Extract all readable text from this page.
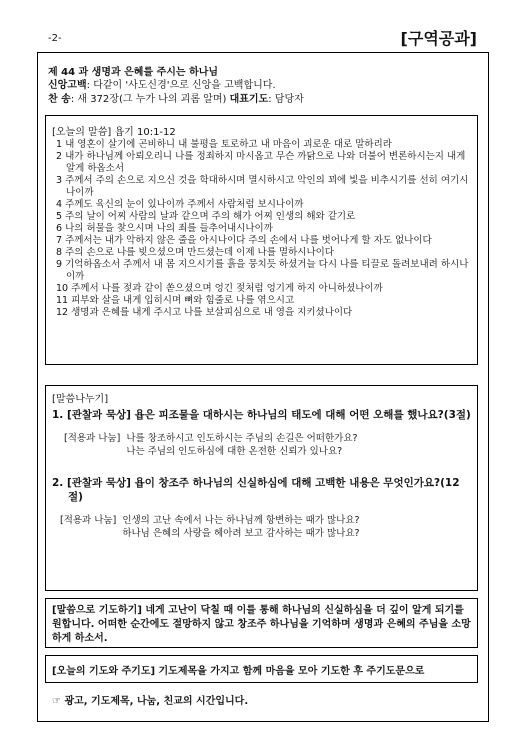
-2-	[구역공과]
제 44 과 생명과 은혜를 주시는 하나님
신앙고백: 다같이 '사도신경'으로 신앙을 고백합니다.
찬 송: 새 372장(그 누가 나의 괴롬 알며) 대표기도: 담당자
[오늘의 말씀] 욥기 10:1-12
1 내 영혼이 살기에 곤비하니 내 불평을 토로하고 내 마음이 괴로운 대로 말하리라
2 내가 하나님께 아뢰오리니 나를 정죄하지 마시옵고 무슨 까닭으로 나와 더불어 변론하시는지 내게 알게 하옵소서
3 주께서 주의 손으로 지으신 것을 학대하시며 멸시하시고 악인의 꾀에 빛을 비추시기를 선히 여기시나이까
4 주께도 육신의 눈이 있나이까 주께서 사람처럼 보시나이까
5 주의 날이 어찌 사람의 날과 같으며 주의 해가 어찌 인생의 해와 같기로
6 나의 허물을 찾으시며 나의 죄를 들추어내시나이까
7 주께서는 내가 악하지 않은 줄을 아시나이다 주의 손에서 나를 벗어나게 할 자도 없나이다
8 주의 손으로 나를 빚으셨으며 만드셨는데 이제 나를 멸하시나이다
9 기억하옵소서 주께서 내 몸 지으시기를 흙을 뭉치듯 하셨거늘 다시 나를 티끌로 돌려보내려 하시나이까
10 주께서 나를 젖과 같이 쏟으셨으며 엉긴 젖처럼 엉기게 하지 아니하셨나이까
11 피부와 살을 내게 입히시며 뼈와 힘줄로 나를 엮으시고
12 생명과 은혜를 내게 주시고 나를 보살피심으로 내 영을 지키셨나이다
[말씀나누기]
1. [관찰과 묵상] 욥은 피조물을 대하시는 하나님의 태도에 대해 어떤 오해를 했나요?(3절)
[적용과 나눔] 나를 창조하시고 인도하시는 주님의 손길은 어떠한가요?
나는 주님의 인도하심에 대한 온전한 신뢰가 있나요?
2. [관찰과 묵상] 욥이 창조주 하나님의 신실하심에 대해 고백한 내용은 무엇인가요?(12절)
[적용과 나눔] 인생의 고난 속에서 나는 하나님께 항변하는 때가 많나요?
하나님 은혜의 사랑을 헤아려 보고 감사하는 때가 많나요?
[말씀으로 기도하기] 네게 고난이 닥칠 때 이를 통해 하나님의 신실하심을 더 깊이 알게 되기를 원합니다. 어떠한 순간에도 절망하지 않고 창조주 하나님을 기억하며 생명과 은혜의 주님을 소망하게 하소서.
[오늘의 기도와 주기도] 기도제목을 가지고 함께 마음을 모아 기도한 후 주기도문으로
☞ 광고, 기도제목, 나눔, 친교의 시간입니다.
